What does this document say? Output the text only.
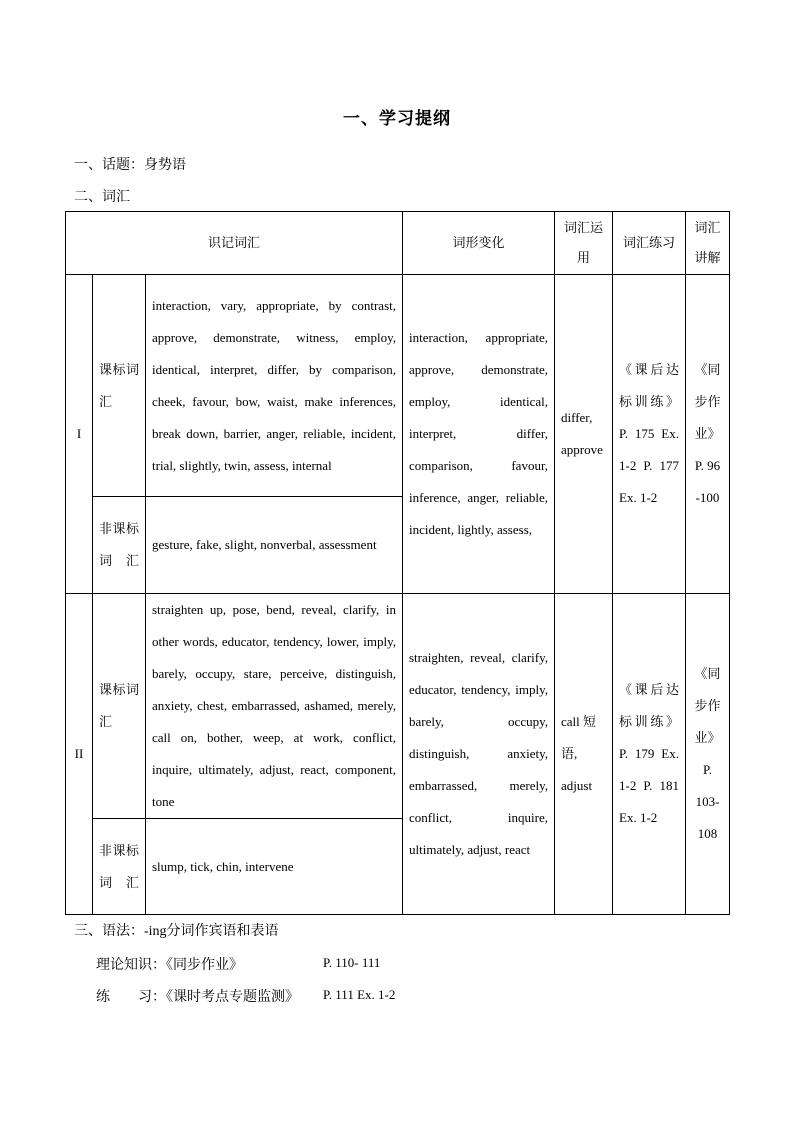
一、学习提纲
一、话题：身势语
二、词汇
识记词汇			词形变化	词汇运用	词汇练习	词汇讲解
I	课标词汇	interaction, vary, appropriate, by contrast, approve, demonstrate, witness, employ, identical, interpret, differ, by comparison, cheek, favour, bow, waist, make inferences, break down, barrier, anger, reliable, incident, trial, slightly, twin, assess, internal	interaction, appropriate, approve, demonstrate, employ, identical, interpret, differ, comparison, favour, inference, anger, reliable, incident, lightly, assess,	differ, approve	《课后达标训练》P. 175 Ex. 1-2 P. 177 Ex. 1-2	《同步作业》P. 96 -100
	非课标词汇	gesture, fake, slight, nonverbal, assessment				
II	课标词汇	straighten up, pose, bend, reveal, clarify, in other words, educator, tendency, lower, imply, barely, occupy, stare, perceive, distinguish, anxiety, chest, embarrassed, ashamed, merely, call on, bother, weep, at work, conflict, inquire, ultimately, adjust, react, component, tone	straighten, reveal, clarify, educator, tendency, imply, barely, occupy, distinguish, anxiety, embarrassed, merely, conflict, inquire, ultimately, adjust, react	call 短语, adjust	《课后达标训练》P. 179 Ex. 1-2 P. 181 Ex. 1-2	《同步作业》P. 103-108
	非课标词汇	slump, tick, chin, intervene				
三、语法：-ing分词作宾语和表语
理论知识：《同步作业》	P. 110- 111
练　　习：《课时考点专题监测》 P. 111 Ex. 1-2
